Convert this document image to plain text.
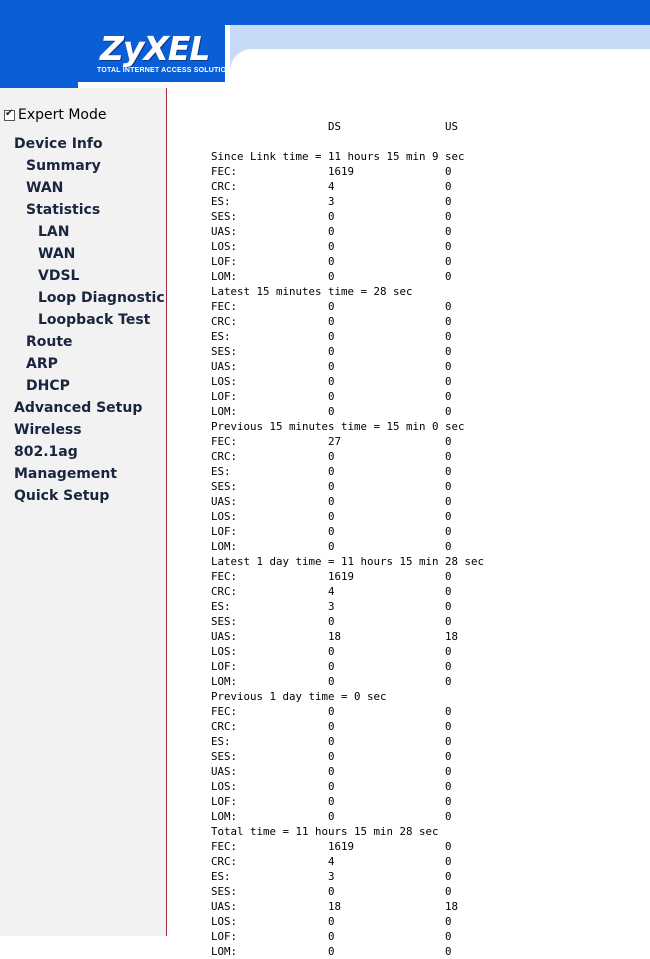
ZyXEL
TOTAL INTERNET ACCESS SOLUTION
✔
Expert Mode
Device Info
Summary
WAN
Statistics
LAN
WAN
VDSL
Loop Diagnostic
Loopback Test
Route
ARP
DHCP
Advanced Setup
Wireless
802.1ag
Management
Quick Setup

DS	US

Since Link time = 11 hours 15 min 9 sec
FEC:	1619	0
CRC:	4	0
ES:	3	0
SES:	0	0
UAS:	0	0
LOS:	0	0
LOF:	0	0
LOM:	0	0
Latest 15 minutes time = 28 sec
FEC:	0	0
CRC:	0	0
ES:	0	0
SES:	0	0
UAS:	0	0
LOS:	0	0
LOF:	0	0
LOM:	0	0
Previous 15 minutes time = 15 min 0 sec
FEC:	27	0
CRC:	0	0
ES:	0	0
SES:	0	0
UAS:	0	0
LOS:	0	0
LOF:	0	0
LOM:	0	0
Latest 1 day time = 11 hours 15 min 28 sec
FEC:	1619	0
CRC:	4	0
ES:	3	0
SES:	0	0
UAS:	18	18
LOS:	0	0
LOF:	0	0
LOM:	0	0
Previous 1 day time = 0 sec
FEC:	0	0
CRC:	0	0
ES:	0	0
SES:	0	0
UAS:	0	0
LOS:	0	0
LOF:	0	0
LOM:	0	0
Total time = 11 hours 15 min 28 sec
FEC:	1619	0
CRC:	4	0
ES:	3	0
SES:	0	0
UAS:	18	18
LOS:	0	0
LOF:	0	0
LOM:	0	0
